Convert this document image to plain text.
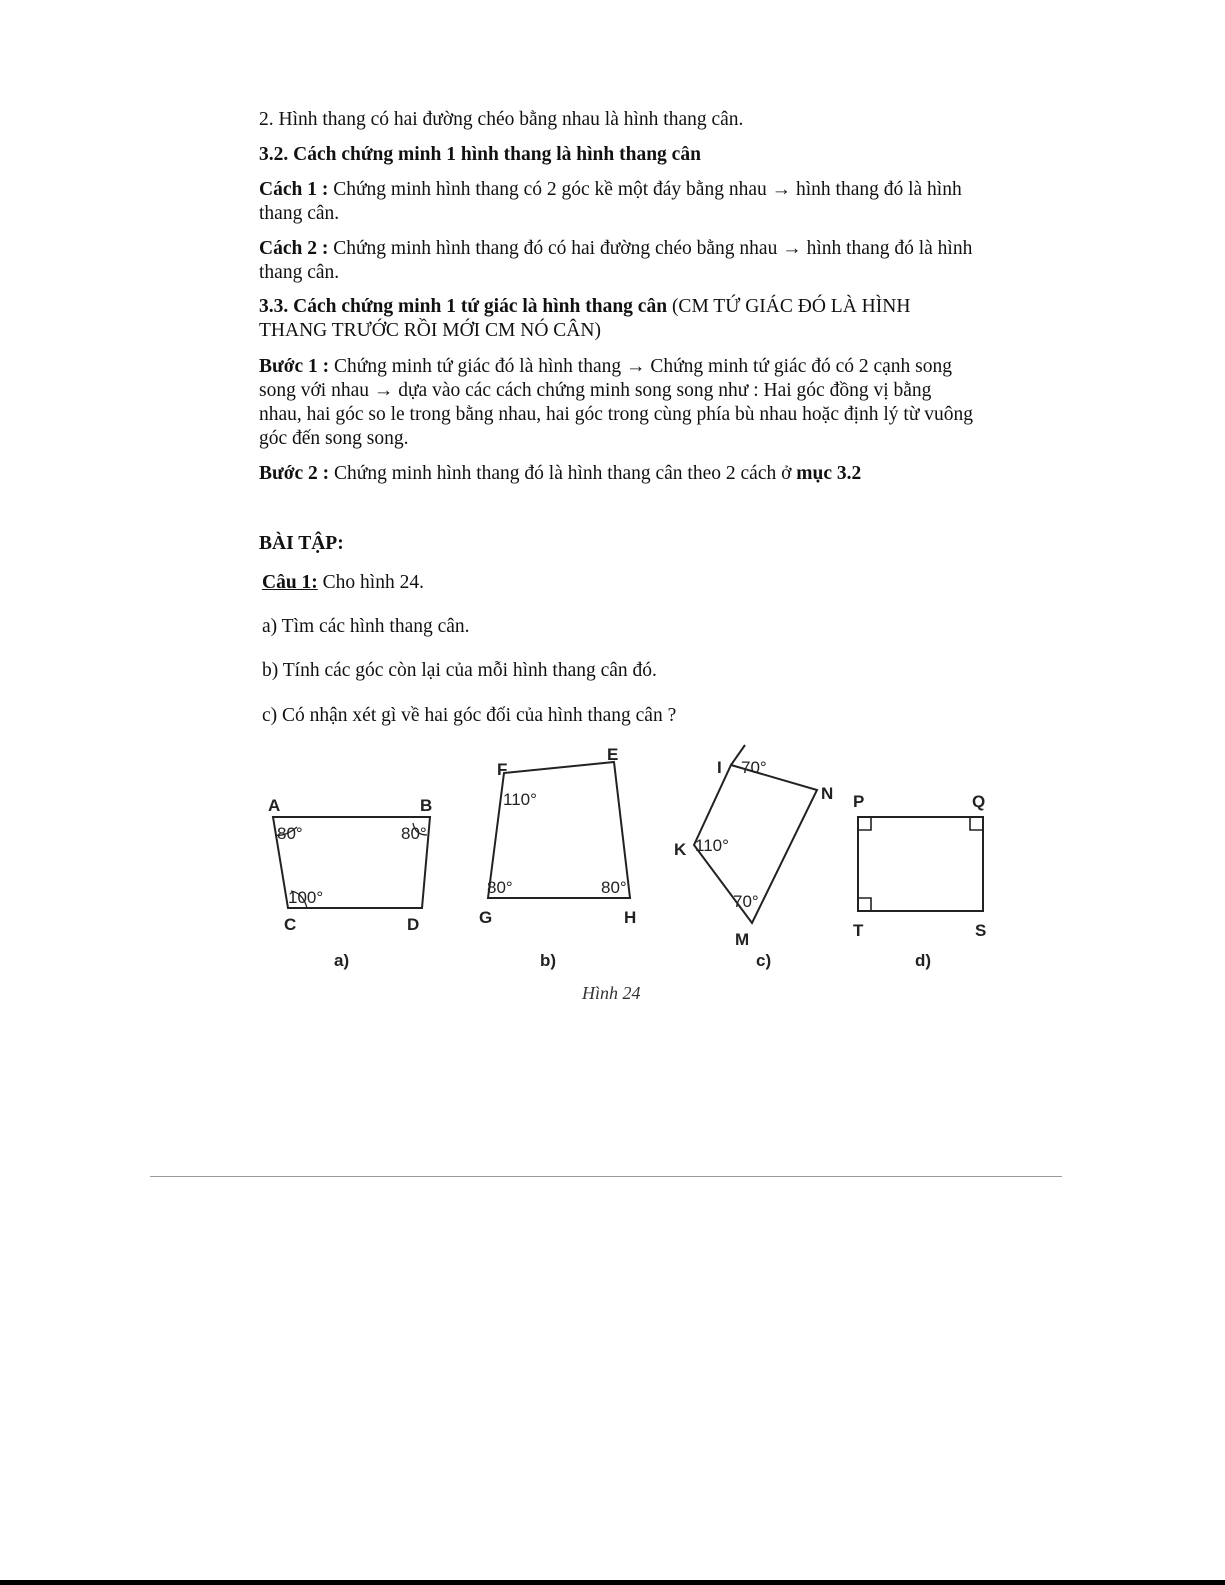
2. Hình thang có hai đường chéo bằng nhau là hình thang cân.
3.2. Cách chứng minh 1 hình thang là hình thang cân
Cách 1 : Chứng minh hình thang có 2 góc kề một đáy bằng nhau → hình thang đó là hình thang cân.
Cách 2 : Chứng minh hình thang đó có hai đường chéo bằng nhau → hình thang đó là hình thang cân.
3.3. Cách chứng minh 1 tứ giác là hình thang cân (CM TỨ GIÁC ĐÓ LÀ HÌNH THANG TRƯỚC RỒI MỚI CM NÓ CÂN)
Bước 1 : Chứng minh tứ giác đó là hình thang → Chứng minh tứ giác đó có 2 cạnh song song với nhau → dựa vào các cách chứng minh song song như : Hai góc đồng vị bằng nhau, hai góc so le trong bằng nhau, hai góc trong cùng phía bù nhau hoặc định lý từ vuông góc đến song song.
Bước 2 : Chứng minh hình thang đó là hình thang cân theo 2 cách ở mục 3.2
BÀI TẬP:
Câu 1: Cho hình 24.
a) Tìm các hình thang cân.
b) Tính các góc còn lại của mỗi hình thang cân đó.
c) Có nhận xét gì về hai góc đối của hình thang cân ?
A	B
C	D
80°	80°
100°
a)
E
F
G	H
110°
80°	80°
b)
I
N
K
M
70°
110°
70°
c)
P	Q
T	S
d)
Hình 24
